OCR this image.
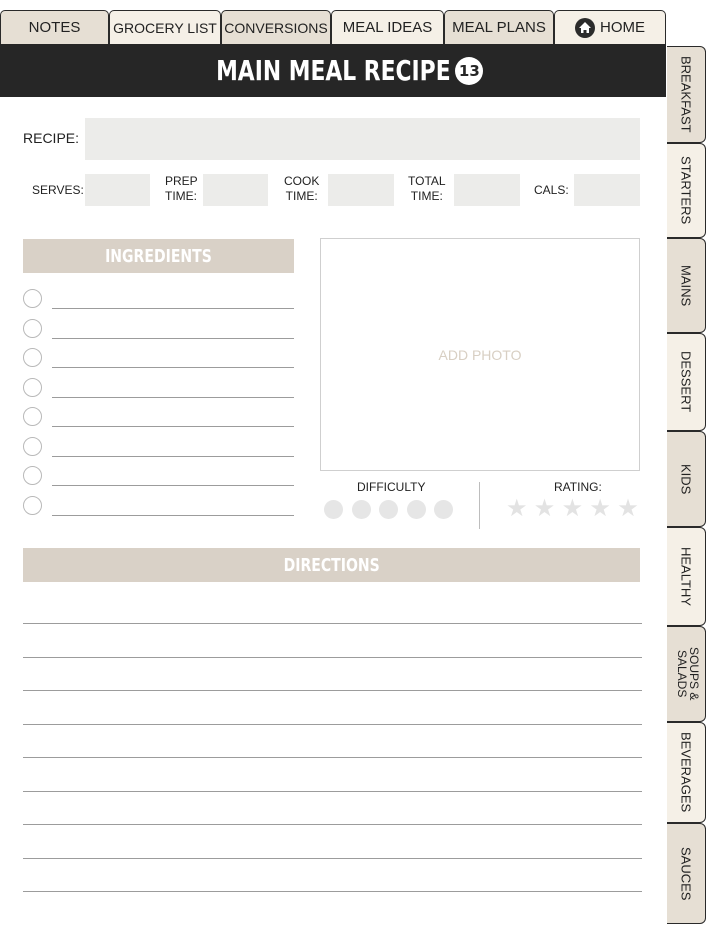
NOTES GROCERY LIST CONVERSIONS MEAL IDEAS MEAL PLANS	HOME
MAIN MEAL RECIPE 13	BREAKFAST
STARTERS
MAINS
DESSERT
KIDS
HEALTHY
SOUPS & SALADS
BEVERAGES
SAUCES
RECIPE:
SERVES:
PREP
TIME:
COOK
TIME:
TOTAL
TIME:	CALS:
INGREDIENTS
ADD PHOTO
DIFFICULTY	RATING:
★ ★ ★ ★ ★
DIRECTIONS
